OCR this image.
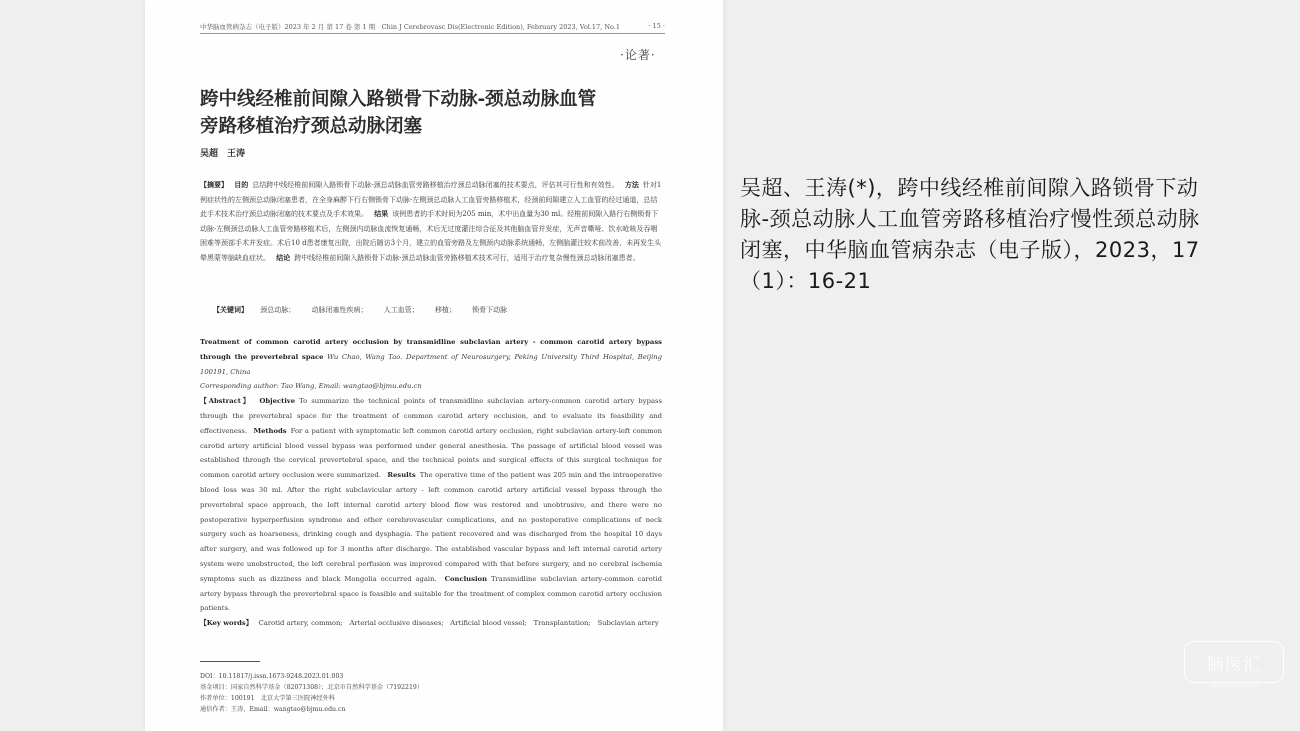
中华脑血管病杂志（电子版）2023 年 2 月 第 17 卷 第 1 期　Chin J Cerebrovasc Dis(Electronic Edition), February 2023, Vol.17, No.1	· 15 ·
·论著·
跨中线经椎前间隙入路锁骨下动脉-颈总动脉血管旁路移植治疗颈总动脉闭塞
吴超　王涛
【摘要】 目的 总结跨中线经椎前间隙入路锁骨下动脉-颈总动脉血管旁路移植治疗颈总动脉闭塞的技术要点，评估其可行性和有效性。 方法 针对1例症状性的左侧颈总动脉闭塞患者，在全身麻醉下行右侧锁骨下动脉-左侧颈总动脉人工血管旁路移植术，经颈前间隙建立人工血管的经过通道，总结此手术技术治疗颈总动脉闭塞的技术要点及手术效果。 结果 该例患者的手术时间为205 min，术中出血量为30 ml。经椎前间隙入路行右侧锁骨下动脉-左侧颈总动脉人工血管旁路移植术后，左侧颈内动脉血流恢复通畅，术后无过度灌注综合征及其他脑血管并发症，无声音嘶哑、饮水呛咳及吞咽困难等颈部手术并发症。术后10 d患者康复出院，出院后随访3个月，建立的血管旁路及左侧颈内动脉系统通畅，左侧脑灌注较术前改善，未再发生头晕黑蒙等脑缺血症状。 结论 跨中线经椎前间隙入路锁骨下动脉-颈总动脉血管旁路移植术技术可行，适用于治疗复杂慢性颈总动脉闭塞患者。
【关键词】 颈总动脉； 动脉闭塞性疾病； 人工血管； 移植； 锁骨下动脉
Treatment of common carotid artery occlusion by transmidline subclavian artery - common carotid artery bypass through the prevertebral space Wu Chao, Wang Tao. Department of Neurosurgery, Peking University Third Hospital, Beijing 100191, China
Corresponding author: Tao Wang, Email: wangtao@bjmu.edu.cn
【Abstract】 Objective To summarize the technical points of transmidline subclavian artery-common carotid artery bypass through the prevertebral space for the treatment of common carotid artery occlusion, and to evaluate its feasibility and effectiveness. Methods For a patient with symptomatic left common carotid artery occlusion, right subclavian artery-left common carotid artery artificial blood vessel bypass was performed under general anesthesia. The passage of artificial blood vessel was established through the cervical prevertebral space, and the technical points and surgical effects of this surgical technique for common carotid artery occlusion were summarized. Results The operative time of the patient was 205 min and the intraoperative blood loss was 30 ml. After the right subclavicular artery - left common carotid artery artificial vessel bypass through the prevertebral space approach, the left internal carotid artery blood flow was restored and unobtrusive, and there were no postoperative hyperperfusion syndrome and other cerebrovascular complications, and no postoperative complications of neck surgery such as hoarseness, drinking cough and dysphagia. The patient recovered and was discharged from the hospital 10 days after surgery, and was followed up for 3 months after discharge. The established vascular bypass and left internal carotid artery system were unobstructed, the left cerebral perfusion was improved compared with that before surgery, and no cerebral ischemia symptoms such as dizziness and black Mongolia occurred again. Conclusion Transmidline subclavian artery-common carotid artery bypass through the prevertebral space is feasible and suitable for the treatment of complex common carotid artery occlusion patients.
【Key words】 Carotid artery, common;　Arterial occlusive diseases;　Artificial blood vessel;　Transplantation;　Subclavian artery
DOI：10.11817/j.issn.1673-9248.2023.01.003
基金项目：国家自然科学基金（82071308）；北京市自然科学基金（7192219）
作者单位：100191　北京大学第三医院神经外科
通信作者：王涛，Email：wangtao@bjmu.edu.cn
吴超、王涛(*)，跨中线经椎前间隙入路锁骨下动脉-颈总动脉人工血管旁路移植治疗慢性颈总动脉闭塞，中华脑血管病杂志（电子版），2023，17（1）：16-21
脑医汇
www.brainmed.com
